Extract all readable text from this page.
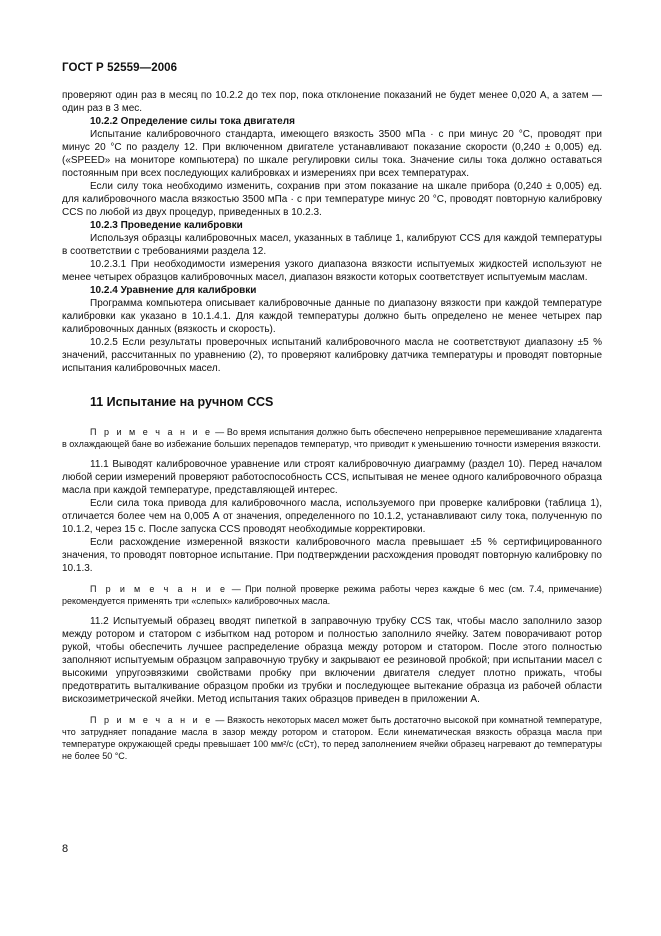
ГОСТ Р 52559—2006

проверяют один раз в месяц по 10.2.2 до тех пор, пока отклонение показаний не будет менее 0,020 А, а затем — один раз в 3 мес.

10.2.2 Определение силы тока двигателя

Испытание калибровочного стандарта, имеющего вязкость 3500 мПа · с при минус 20 °С, проводят при минус 20 °С по разделу 12. При включенном двигателе устанавливают показание скорости (0,240 ± 0,005) ед. («SPEED» на мониторе компьютера) по шкале регулировки силы тока. Значение силы тока должно оставаться постоянным при всех последующих калибровках и измерениях при всех температурах.

Если силу тока необходимо изменить, сохранив при этом показание на шкале прибора (0,240 ± 0,005) ед. для калибровочного масла вязкостью 3500 мПа · с при температуре минус 20 °С, проводят повторную калибровку CCS по любой из двух процедур, приведенных в 10.2.3.

10.2.3 Проведение калибровки

Используя образцы калибровочных масел, указанных в таблице 1, калибруют CCS для каждой температуры в соответствии с требованиями раздела 12.

10.2.3.1 При необходимости измерения узкого диапазона вязкости испытуемых жидкостей используют не менее четырех образцов калибровочных масел, диапазон вязкости которых соответствует испытуемым маслам.

10.2.4 Уравнение для калибровки

Программа компьютера описывает калибровочные данные по диапазону вязкости при каждой температуре калибровки как указано в 10.1.4.1. Для каждой температуры должно быть определено не менее четырех пар калибровочных данных (вязкость и скорость).

10.2.5 Если результаты проверочных испытаний калибровочного масла не соответствуют диапазону ±5 % значений, рассчитанных по уравнению (2), то проверяют калибровку датчика температуры и проводят повторные испытания калибровочных масел.

11 Испытание на ручном CCS

П р и м е ч а н и е — Во время испытания должно быть обеспечено непрерывное перемешивание хладагента в охлаждающей бане во избежание больших перепадов температур, что приводит к уменьшению точности измерения вязкости.

11.1 Выводят калибровочное уравнение или строят калибровочную диаграмму (раздел 10). Перед началом любой серии измерений проверяют работоспособность CCS, испытывая не менее одного калибровочного образца масла при каждой температуре, представляющей интерес.

Если сила тока привода для калибровочного масла, используемого при проверке калибровки (таблица 1), отличается более чем на 0,005 А от значения, определенного по 10.1.2, устанавливают силу тока, полученную по 10.1.2, через 15 с. После запуска CCS проводят необходимые корректировки.

Если расхождение измеренной вязкости калибровочного масла превышает ±5 % сертифицированного значения, то проводят повторное испытание. При подтверждении расхождения проводят повторную калибровку по 10.1.3.

П р и м е ч а н и е — При полной проверке режима работы через каждые 6 мес (см. 7.4, примечание) рекомендуется применять три «слепых» калибровочных масла.

11.2 Испытуемый образец вводят пипеткой в заправочную трубку CCS так, чтобы масло заполнило зазор между ротором и статором с избытком над ротором и полностью заполнило ячейку. Затем поворачивают ротор рукой, чтобы обеспечить лучшее распределение образца между ротором и статором. После этого полностью заполняют испытуемым образцом заправочную трубку и закрывают ее резиновой пробкой; при испытании масел с высокими упругоэвязкими свойствами пробку при включении двигателя следует плотно прижать, чтобы предотвратить выталкивание образцом пробки из трубки и последующее вытекание образца из рабочей области вискозиметрической ячейки. Метод испытания таких образцов приведен в приложении А.

П р и м е ч а н и е — Вязкость некоторых масел может быть достаточно высокой при комнатной температуре, что затрудняет попадание масла в зазор между ротором и статором. Если кинематическая вязкость образца масла при температуре окружающей среды превышает 100 мм²/с (сСт), то перед заполнением ячейки образец нагревают до температуры не более 50 °С.

8
